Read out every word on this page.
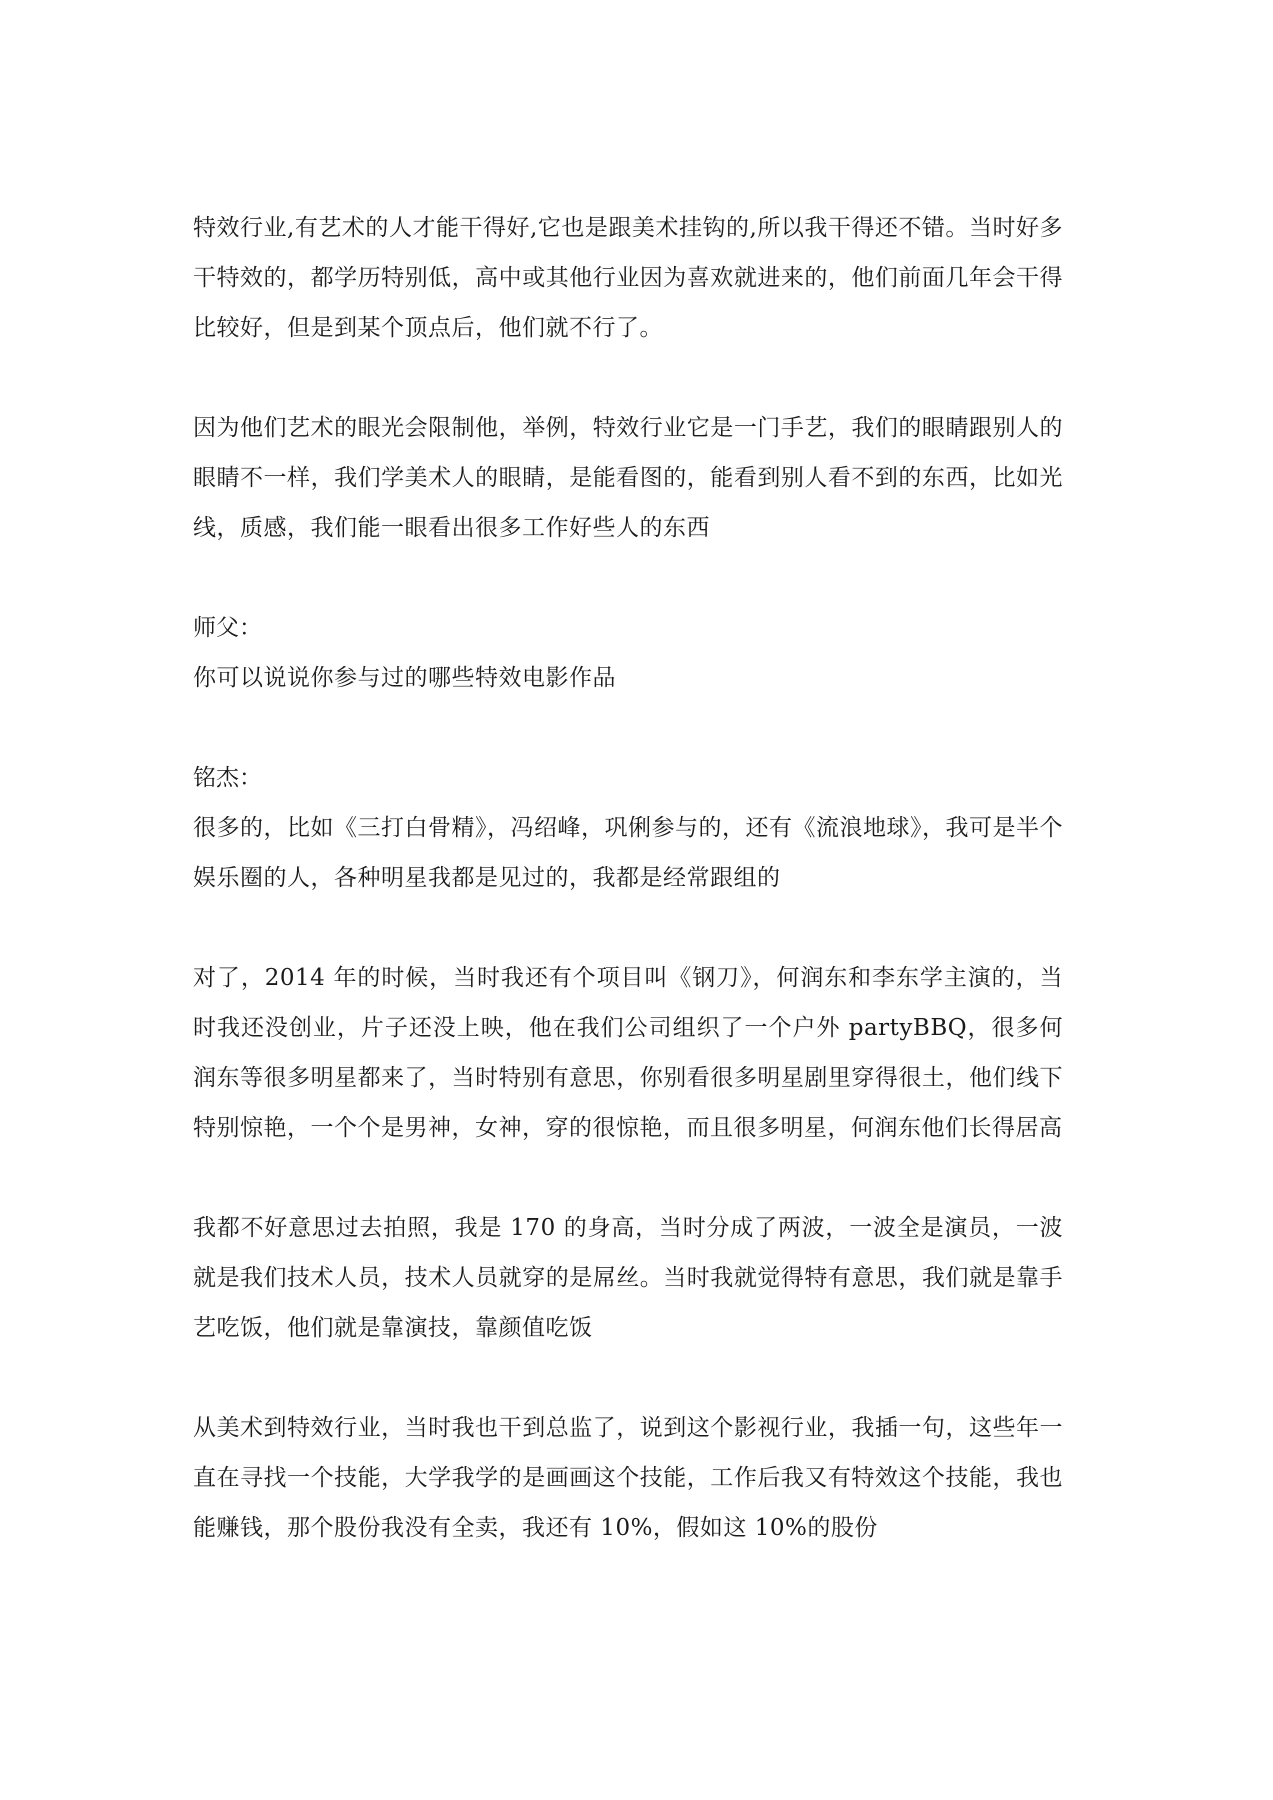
特效行业,有艺术的人才能干得好,它也是跟美术挂钩的,所以我干得还不错。当时好多干特效的，都学历特别低，高中或其他行业因为喜欢就进来的，他们前面几年会干得比较好，但是到某个顶点后，他们就不行了。

因为他们艺术的眼光会限制他，举例，特效行业它是一门手艺，我们的眼睛跟别人的眼睛不一样，我们学美术人的眼睛，是能看图的，能看到别人看不到的东西，比如光线，质感，我们能一眼看出很多工作好些人的东西

师父：

你可以说说你参与过的哪些特效电影作品

铭杰：

很多的，比如《三打白骨精》，冯绍峰，巩俐参与的，还有《流浪地球》，我可是半个娱乐圈的人，各种明星我都是见过的，我都是经常跟组的

对了，2014 年的时候，当时我还有个项目叫《钢刀》，何润东和李东学主演的，当时我还没创业，片子还没上映，他在我们公司组织了一个户外 partyBBQ，很多何润东等很多明星都来了，当时特别有意思，你别看很多明星剧里穿得很土，他们线下特别惊艳，一个个是男神，女神，穿的很惊艳，而且很多明星，何润东他们长得居高

我都不好意思过去拍照，我是 170 的身高，当时分成了两波，一波全是演员，一波就是我们技术人员，技术人员就穿的是屌丝。当时我就觉得特有意思，我们就是靠手艺吃饭，他们就是靠演技，靠颜值吃饭

从美术到特效行业，当时我也干到总监了，说到这个影视行业，我插一句，这些年一直在寻找一个技能，大学我学的是画画这个技能，工作后我又有特效这个技能，我也能赚钱，那个股份我没有全卖，我还有 10%，假如这 10%的股份
